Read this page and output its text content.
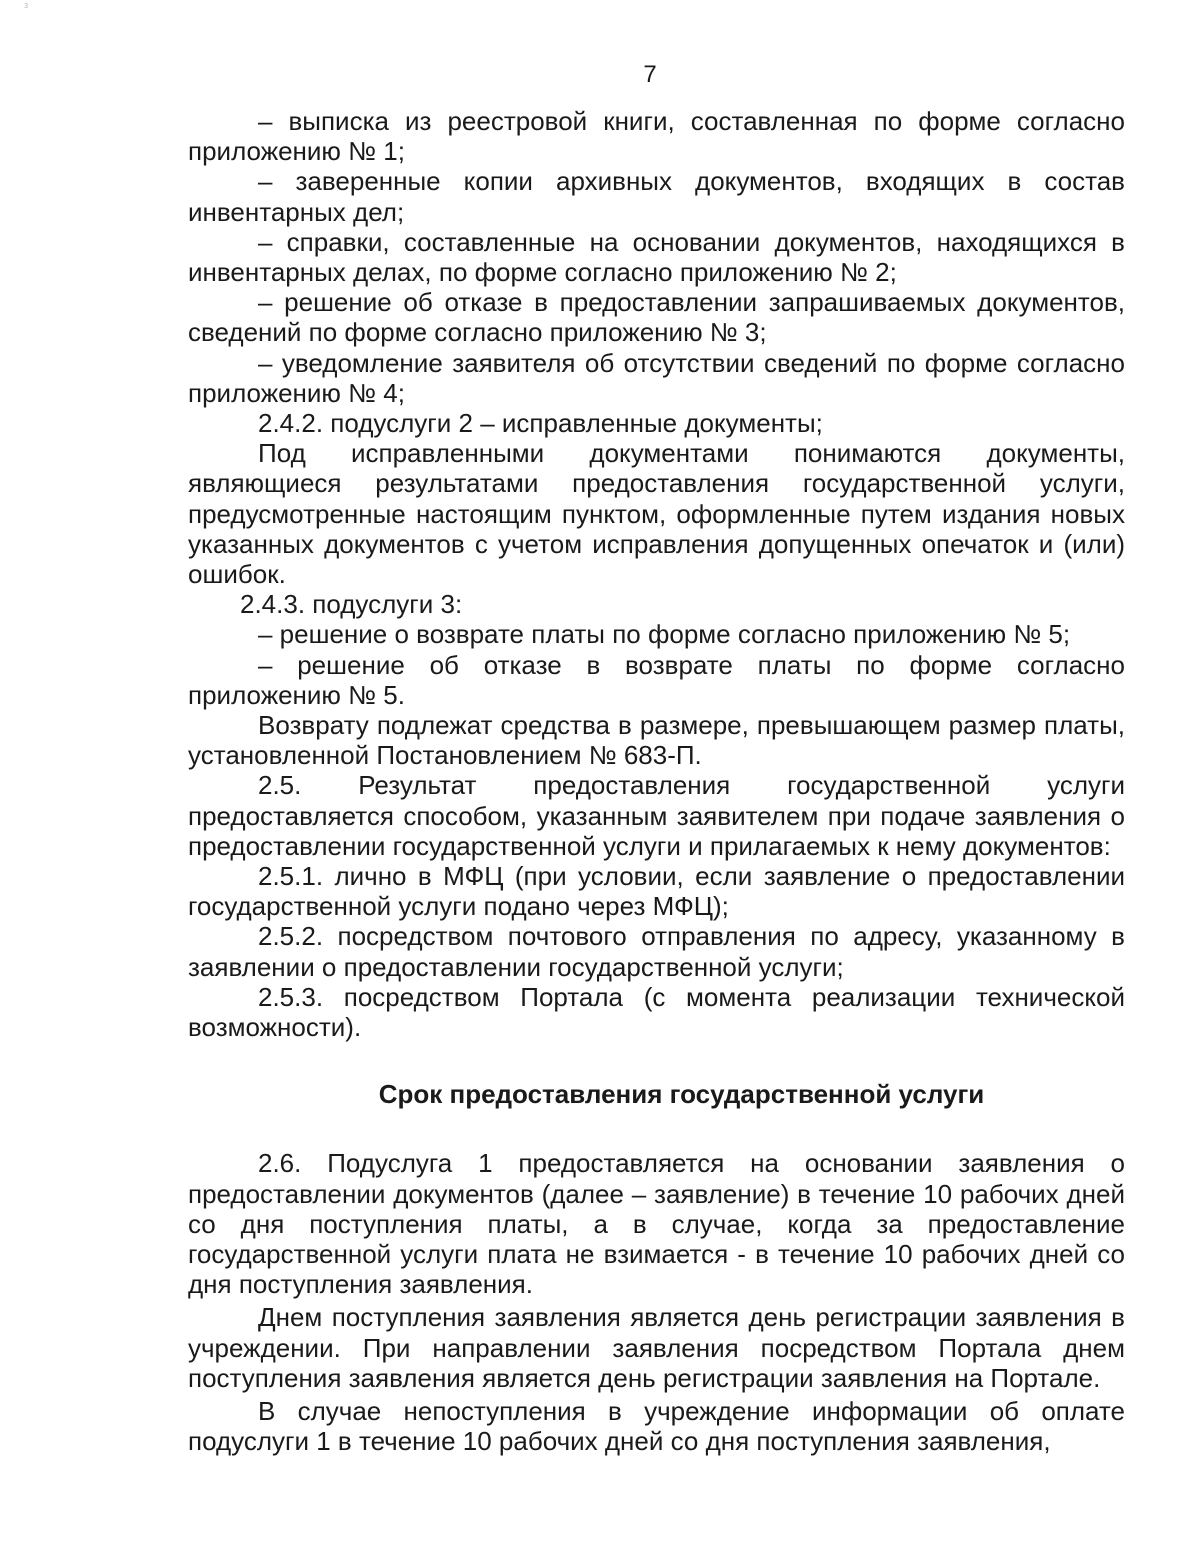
з
7

– выписка из реестровой книги, составленная по форме согласно приложению № 1;

– заверенные копии архивных документов, входящих в состав инвентарных дел;

– справки, составленные на основании документов, находящихся в инвентарных делах, по форме согласно приложению № 2;

– решение об отказе в предоставлении запрашиваемых документов, сведений по форме согласно приложению № 3;

– уведомление заявителя об отсутствии сведений по форме согласно приложению № 4;

2.4.2. подуслуги 2 – исправленные документы;

Под исправленными документами понимаются документы, являющиеся результатами предоставления государственной услуги, предусмотренные настоящим пунктом, оформленные путем издания новых указанных документов с учетом исправления допущенных опечаток и (или) ошибок.

2.4.3. подуслуги 3:

– решение о возврате платы по форме согласно приложению № 5;

– решение об отказе в возврате платы по форме согласно приложению № 5.

Возврату подлежат средства в размере, превышающем размер платы, установленной Постановлением № 683-П.

2.5. Результат предоставления государственной услуги предоставляется способом, указанным заявителем при подаче заявления о предоставлении государственной услуги и прилагаемых к нему документов:

2.5.1. лично в МФЦ (при условии, если заявление о предоставлении государственной услуги подано через МФЦ);

2.5.2. посредством почтового отправления по адресу, указанному в заявлении о предоставлении государственной услуги;

2.5.3. посредством Портала (с момента реализации технической возможности).

Срок предоставления государственной услуги

2.6. Подуслуга 1 предоставляется на основании заявления о предоставлении документов (далее – заявление) в течение 10 рабочих дней со дня поступления платы, а в случае, когда за предоставление государственной услуги плата не взимается - в течение 10 рабочих дней со дня поступления заявления.

Днем поступления заявления является день регистрации заявления в учреждении. При направлении заявления посредством Портала днем поступления заявления является день регистрации заявления на Портале.

В случае непоступления в учреждение информации об оплате подуслуги 1 в течение 10 рабочих дней со дня поступления заявления,
